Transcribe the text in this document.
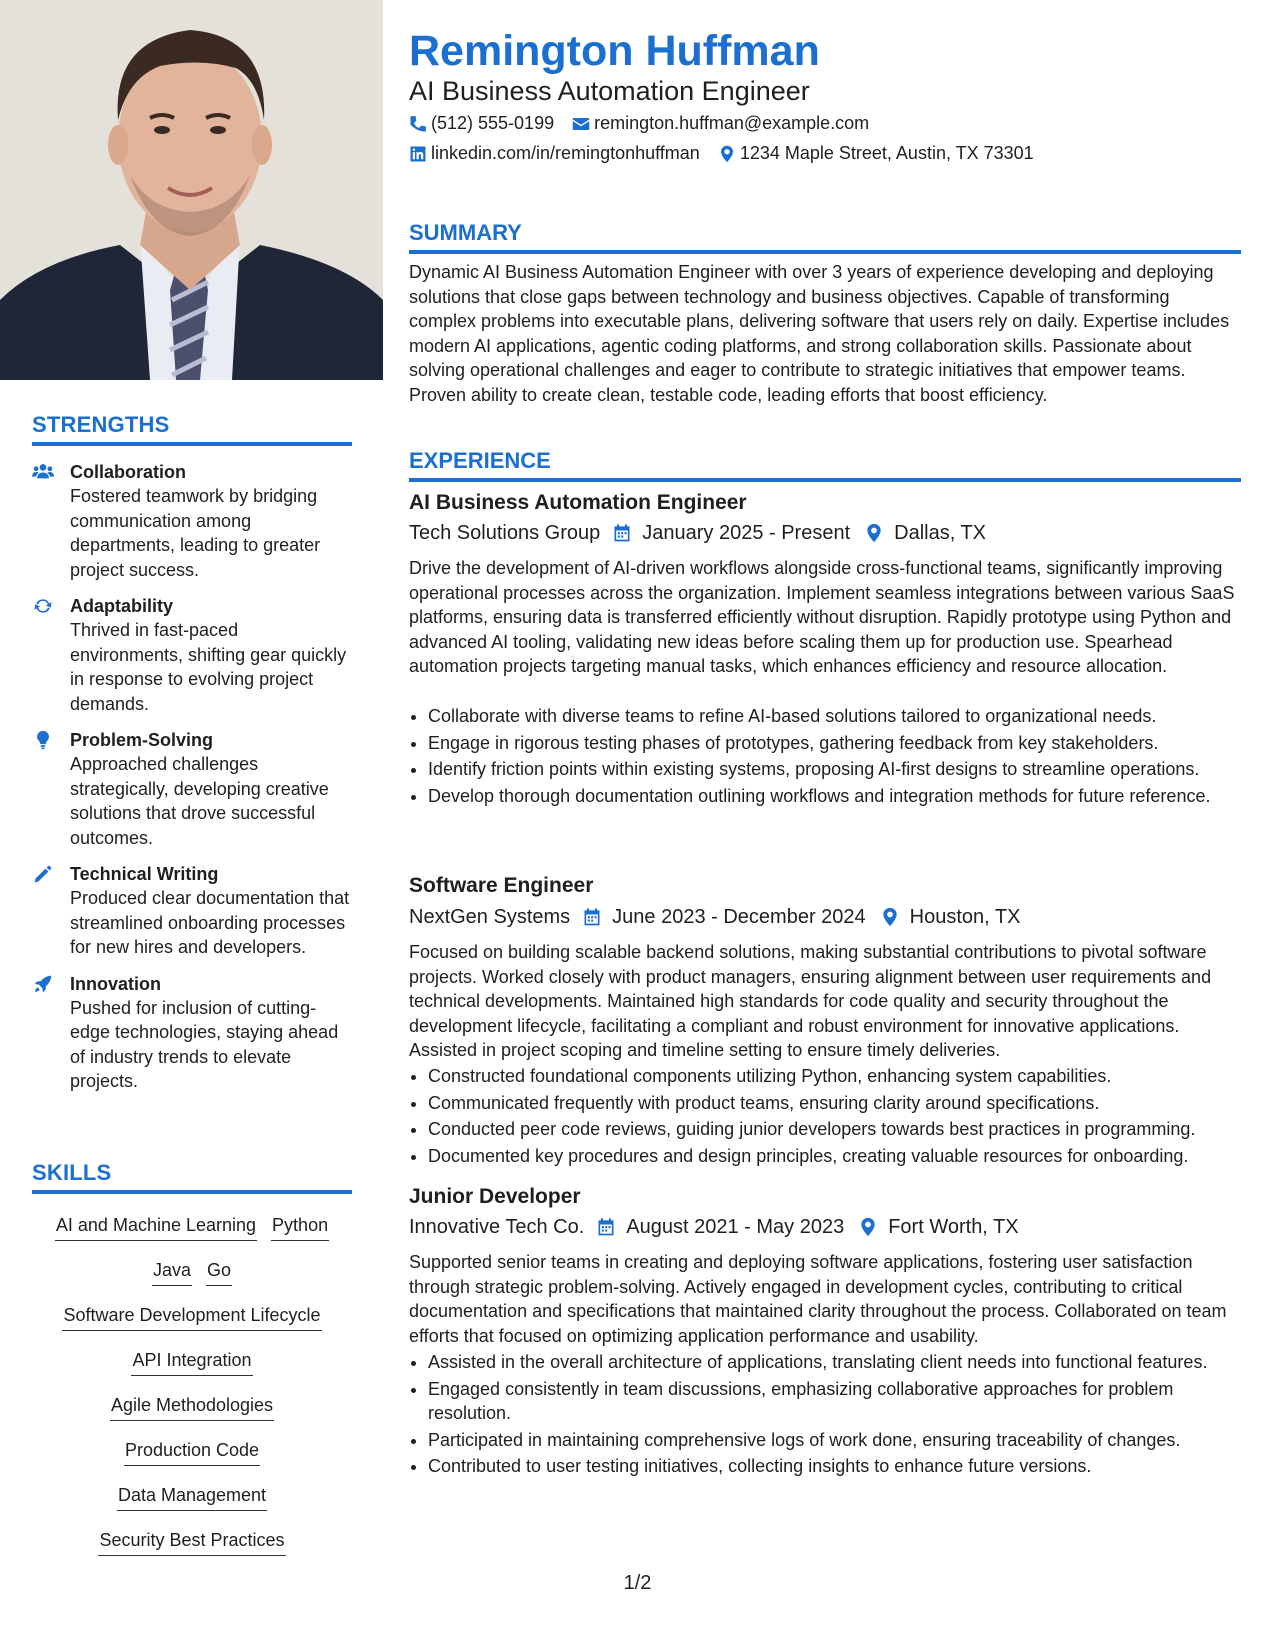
STRENGTHS
Collaboration
Fostered teamwork by bridging communication among departments, leading to greater project success.
Adaptability
Thrived in fast-paced environments, shifting gear quickly in response to evolving project demands.
Problem-Solving
Approached challenges strategically, developing creative solutions that drove successful outcomes.
Technical Writing
Produced clear documentation that streamlined onboarding processes for new hires and developers.
Innovation
Pushed for inclusion of cutting-edge technologies, staying ahead of industry trends to elevate projects.
SKILLS
AI and Machine Learning Python
Java Go
Software Development Lifecycle
API Integration
Agile Methodologies
Production Code
Data Management
Security Best Practices
Remington Huffman
AI Business Automation Engineer
(512) 555-0199 remington.huffman@example.com
linkedin.com/in/remingtonhuffman 1234 Maple Street, Austin, TX 73301
SUMMARY
Dynamic AI Business Automation Engineer with over 3 years of experience developing and deploying solutions that close gaps between technology and business objectives. Capable of transforming complex problems into executable plans, delivering software that users rely on daily. Expertise includes modern AI applications, agentic coding platforms, and strong collaboration skills. Passionate about solving operational challenges and eager to contribute to strategic initiatives that empower teams. Proven ability to create clean, testable code, leading efforts that boost efficiency.
EXPERIENCE
AI Business Automation Engineer
Tech Solutions Group January 2025 - Present Dallas, TX
Drive the development of AI-driven workflows alongside cross-functional teams, significantly improving operational processes across the organization. Implement seamless integrations between various SaaS platforms, ensuring data is transferred efficiently without disruption. Rapidly prototype using Python and advanced AI tooling, validating new ideas before scaling them up for production use. Spearhead automation projects targeting manual tasks, which enhances efficiency and resource allocation.
• Collaborate with diverse teams to refine AI-based solutions tailored to organizational needs.
• Engage in rigorous testing phases of prototypes, gathering feedback from key stakeholders.
• Identify friction points within existing systems, proposing AI-first designs to streamline operations.
• Develop thorough documentation outlining workflows and integration methods for future reference.
Software Engineer
NextGen Systems June 2023 - December 2024 Houston, TX
Focused on building scalable backend solutions, making substantial contributions to pivotal software projects. Worked closely with product managers, ensuring alignment between user requirements and technical developments. Maintained high standards for code quality and security throughout the development lifecycle, facilitating a compliant and robust environment for innovative applications. Assisted in project scoping and timeline setting to ensure timely deliveries.
• Constructed foundational components utilizing Python, enhancing system capabilities.
• Communicated frequently with product teams, ensuring clarity around specifications.
• Conducted peer code reviews, guiding junior developers towards best practices in programming.
• Documented key procedures and design principles, creating valuable resources for onboarding.
Junior Developer
Innovative Tech Co. August 2021 - May 2023 Fort Worth, TX
Supported senior teams in creating and deploying software applications, fostering user satisfaction through strategic problem-solving. Actively engaged in development cycles, contributing to critical documentation and specifications that maintained clarity throughout the process. Collaborated on team efforts that focused on optimizing application performance and usability.
• Assisted in the overall architecture of applications, translating client needs into functional features.
• Engaged consistently in team discussions, emphasizing collaborative approaches for problem resolution.
• Participated in maintaining comprehensive logs of work done, ensuring traceability of changes.
• Contributed to user testing initiatives, collecting insights to enhance future versions.
1/2
